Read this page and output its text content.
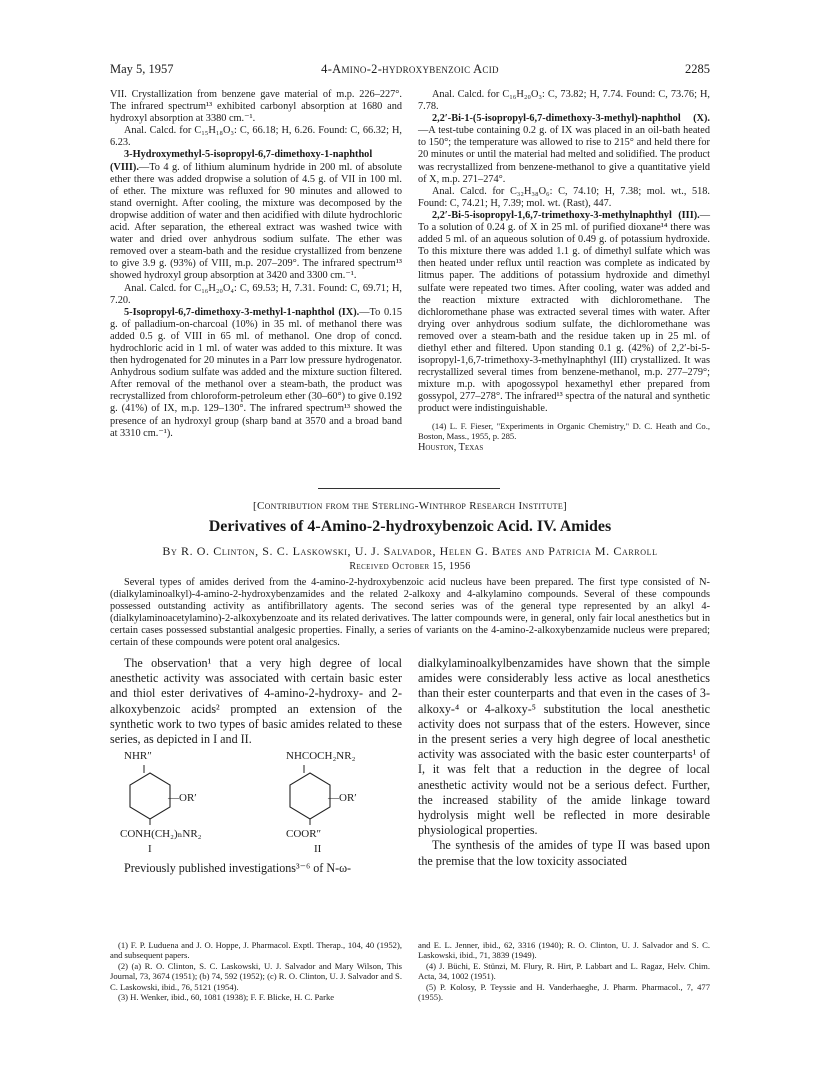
May 5, 1957	4-Amino-2-hydroxybenzoic Acid	2285

VII. Crystallization from benzene gave material of m.p. 226–227°. The infrared spectrum¹³ exhibited carbonyl absorption at 1680 and hydroxyl absorption at 3380 cm.⁻¹.

Anal. Calcd. for C₁₅H₁₈O₃: C, 66.18; H, 6.26. Found: C, 66.32; H, 6.23.

3-Hydroxymethyl-5-isopropyl-6,7-dimethoxy-1-naphthol (VIII).—To 4 g. of lithium aluminum hydride in 200 ml. of absolute ether there was added dropwise a solution of 4.5 g. of VII in 100 ml. of ether. The mixture was refluxed for 90 minutes and allowed to stand overnight. After cooling, the mixture was decomposed by the dropwise addition of water and then acidified with dilute hydrochloric acid. After separation, the ethereal extract was washed twice with water and dried over anhydrous sodium sulfate. The ether was removed over a steam-bath and the residue crystallized from benzene to give 3.9 g. (93%) of VIII, m.p. 207–209°. The infrared spectrum¹³ showed hydroxyl group absorption at 3420 and 3300 cm.⁻¹.

Anal. Calcd. for C₁₆H₂₀O₄: C, 69.53; H, 7.31. Found: C, 69.71; H, 7.20.

5-Isopropyl-6,7-dimethoxy-3-methyl-1-naphthol (IX).—To 0.15 g. of palladium-on-charcoal (10%) in 35 ml. of methanol there was added 0.5 g. of VIII in 65 ml. of methanol. One drop of concd. hydrochloric acid in 1 ml. of water was added to this mixture. It was then hydrogenated for 20 minutes in a Parr low pressure hydrogenator. Anhydrous sodium sulfate was added and the mixture suction filtered. After removal of the methanol over a steam-bath, the product was recrystallized from chloroform-petroleum ether (30–60°) to give 0.192 g. (41%) of IX, m.p. 129–130°. The infrared spectrum¹³ showed the presence of an hydroxyl group (sharp band at 3570 and a broad band at 3310 cm.⁻¹).

Anal. Calcd. for C₁₆H₂₀O₃: C, 73.82; H, 7.74. Found: C, 73.76; H, 7.78.

2,2′-Bi-1-(5-isopropyl-6,7-dimethoxy-3-methyl)-naphthol (X).—A test-tube containing 0.2 g. of IX was placed in an oil-bath heated to 150°; the temperature was allowed to rise to 215° and held there for 20 minutes or until the material had melted and solidified. The product was recrystallized from benzene-methanol to give a quantitative yield of X, m.p. 271–274°.

Anal. Calcd. for C₃₂H₃₈O₆: C, 74.10; H, 7.38; mol. wt., 518. Found: C, 74.21; H, 7.39; mol. wt. (Rast), 447.

2,2′-Bi-5-isopropyl-1,6,7-trimethoxy-3-methylnaphthyl (III).—To a solution of 0.24 g. of X in 25 ml. of purified dioxane¹⁴ there was added 5 ml. of an aqueous solution of 0.49 g. of potassium hydroxide. To this mixture there was added 1.1 g. of dimethyl sulfate which was then heated under reflux until reaction was complete as indicated by litmus paper. The additions of potassium hydroxide and dimethyl sulfate were repeated two times. After cooling, water was added and the reaction mixture extracted with dichloromethane. The dichloromethane phase was extracted several times with water. After drying over anhydrous sodium sulfate, the dichloromethane was removed over a steam-bath and the residue taken up in 25 ml. of diethyl ether and filtered. Upon standing 0.1 g. (42%) of 2,2′-bi-5-isopropyl-1,6,7-trimethoxy-3-methylnaphthyl (III) crystallized. It was recrystallized several times from benzene-methanol, m.p. 277–279°; mixture m.p. with apogossypol hexamethyl ether prepared from gossypol, 277–278°. The infrared¹³ spectra of the natural and synthetic product were indistinguishable.

(14) L. F. Fieser, "Experiments in Organic Chemistry," D. C. Heath and Co., Boston, Mass., 1955, p. 285.

Houston, Texas

[Contribution from the Sterling-Winthrop Research Institute]
Derivatives of 4-Amino-2-hydroxybenzoic Acid. IV. Amides
By R. O. Clinton, S. C. Laskowski, U. J. Salvador, Helen G. Bates and Patricia M. Carroll
Received October 15, 1956

Several types of amides derived from the 4-amino-2-hydroxybenzoic acid nucleus have been prepared. The first type consisted of N-(dialkylaminoalkyl)-4-amino-2-hydroxybenzamides and the related 2-alkoxy and 4-alkylamino compounds. Several of these compounds possessed outstanding activity as antifibrillatory agents. The second series was of the general type represented by an alkyl 4-(dialkylaminoacetylamino)-2-alkoxybenzoate and its related derivatives. The latter compounds were, in general, only fair local anesthetics but in certain cases possessed substantial analgesic properties. Finally, a series of variants on the 4-amino-2-alkoxybenzamide nucleus were prepared; certain of these compounds were potent oral analgesics.

The observation¹ that a very high degree of local anesthetic activity was associated with certain basic ester and thiol ester derivatives of 4-amino-2-hydroxy- and 2-alkoxybenzoic acids² prompted an extension of the synthetic work to two types of basic amides related to these series, as depicted in I and II.

NHR″
—OR′
CONH(CH₂)ₙNR₂
I
NHCOCH₂NR₂
—OR′
COOR″
II

Previously published investigations³⁻⁶ of N-ω-

dialkylaminoalkylbenzamides have shown that the simple amides were considerably less active as local anesthetics than their ester counterparts and that even in the cases of 3-alkoxy-⁴ or 4-alkoxy-⁵ substitution the local anesthetic activity does not surpass that of the esters. However, since in the present series a very high degree of local anesthetic activity was associated with the basic ester counterparts¹ of I, it was felt that a reduction in the degree of local anesthetic activity would not be a serious defect. Further, the increased stability of the amide linkage toward hydrolysis might well be reflected in more desirable physiological properties.

The synthesis of the amides of type II was based upon the premise that the low toxicity associated

(1) F. P. Luduena and J. O. Hoppe, J. Pharmacol. Exptl. Therap., 104, 40 (1952), and subsequent papers.

(2) (a) R. O. Clinton, S. C. Laskowski, U. J. Salvador and Mary Wilson, This Journal, 73, 3674 (1951); (b) 74, 592 (1952); (c) R. O. Clinton, U. J. Salvador and S. C. Laskowski, ibid., 76, 5121 (1954).

(3) H. Wenker, ibid., 60, 1081 (1938); F. F. Blicke, H. C. Parke

and E. L. Jenner, ibid., 62, 3316 (1940); R. O. Clinton, U. J. Salvador and S. C. Laskowski, ibid., 71, 3839 (1949).

(4) J. Büchi, E. Stünzi, M. Flury, R. Hirt, P. Labbart and L. Ragaz, Helv. Chim. Acta, 34, 1002 (1951).

(5) P. Kolosy, P. Teyssie and H. Vanderhaeghe, J. Pharm. Pharmacol., 7, 477 (1955).
